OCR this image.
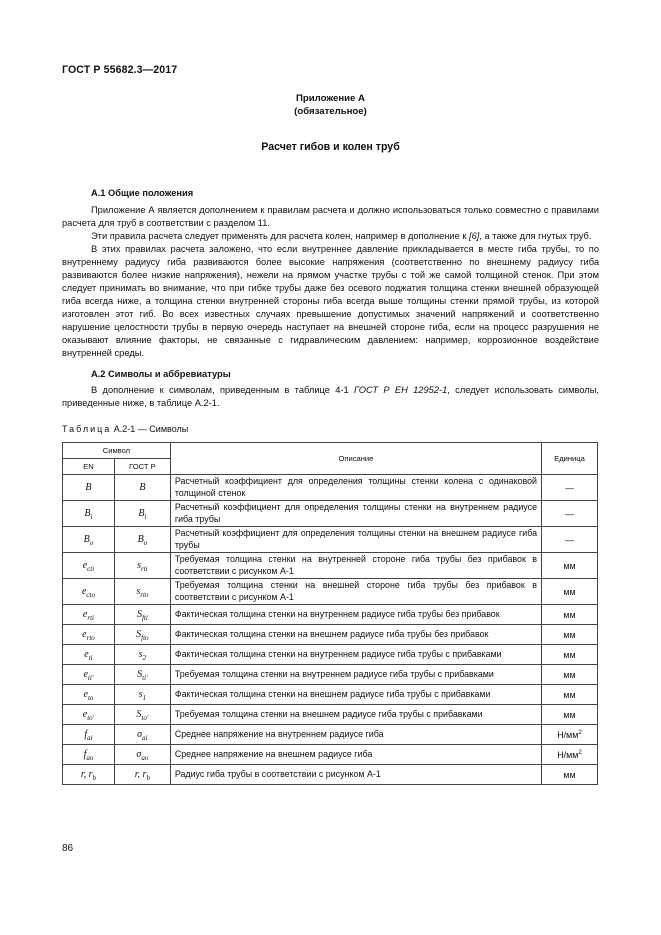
ГОСТ Р 55682.3—2017
Приложение А
(обязательное)
Расчет гибов и колен труб
А.1 Общие положения

Приложение А является дополнением к правилам расчета и должно использоваться только совместно с правилами расчета для труб в соответствии с разделом 11.

Эти правила расчета следует применять для расчета колен, например в дополнение к [6], а также для гнутых труб.

В этих правилах расчета заложено, что если внутреннее давление прикладывается в месте гиба трубы, то по внутреннему радиусу гиба развиваются более высокие напряжения (соответственно по внешнему радиусу гиба развиваются более низкие напряжения), нежели на прямом участке трубы с той же самой толщиной стенок. При этом следует принимать во внимание, что при гибке трубы даже без осевого поджатия толщина стенки внешней образующей гиба всегда ниже, а толщина стенки внутренней стороны гиба всегда выше толщины стенки прямой трубы, из которой изготовлен этот гиб. Во всех известных случаях превышение допустимых значений напряжений и соответственно нарушение целостности трубы в первую очередь наступает на внешней стороне гиба, если на процесс разрушения не оказывают влияние факторы, не связанные с гидравлическим давлением: например, коррозионное воздействие внутренней среды.

А.2 Символы и аббревиатуры

В дополнение к символам, приведенным в таблице 4-1 ГОСТ Р ЕН 12952-1, следует использовать символы, приведенные ниже, в таблице А.2-1.

Таблица А.2-1 — Символы
Символ		Описание	Единица
EN	ГОСТ Р		
B	B	Расчетный коэффициент для определения толщины стенки колена с одинаковой толщиной стенок	—
$B_i$	$B_i$	Расчетный коэффициент для определения толщины стенки на внутреннем радиусе гиба трубы	—
$B_o$	$B_o$	Расчетный коэффициент для определения толщины стенки на внешнем радиусе гиба трубы	—
$e_{cti}$	$s_{rti}$	Требуемая толщина стенки на внутренней стороне гиба трубы без прибавок в соответствии с рисунком А-1	мм
$e_{cto}$	$s_{rto}$	Требуемая толщина стенки на внешней стороне гиба трубы без прибавок в соответствии с рисунком А-1	мм
$e_{rti}$	$S_{fti}$	Фактическая толщина стенки на внутреннем радиусе гиба трубы без прибавок	мм
$e_{rto}$	$S_{fto}$	Фактическая толщина стенки на внешнем радиусе гиба трубы без прибавок	мм
$e_{ti}$	$s_2$	Фактическая толщина стенки на внутреннем радиусе гиба трубы с прибавками	мм
$e_{ti'}$	$S_{ti'}$	Требуемая толщина стенки на внутреннем радиусе гиба трубы с прибавками	мм
$e_{to}$	$s_1$	Фактическая толщина стенки на внешнем радиусе гиба трубы с прибавками	мм
$e_{to'}$	$S_{to'}$	Требуемая толщина стенки на внешнем радиусе гиба трубы с прибавками	мм
$f_{ai}$	$\sigma_{ai}$	Среднее напряжение на внутреннем радиусе гиба	$Н/мм^2$
$f_{ao}$	$\sigma_{ao}$	Среднее напряжение на внешнем радиусе гиба	$Н/мм^2$
r, $r_b$	r, $r_b$	Радиус гиба трубы в соответствии с рисунком А-1	мм
86
